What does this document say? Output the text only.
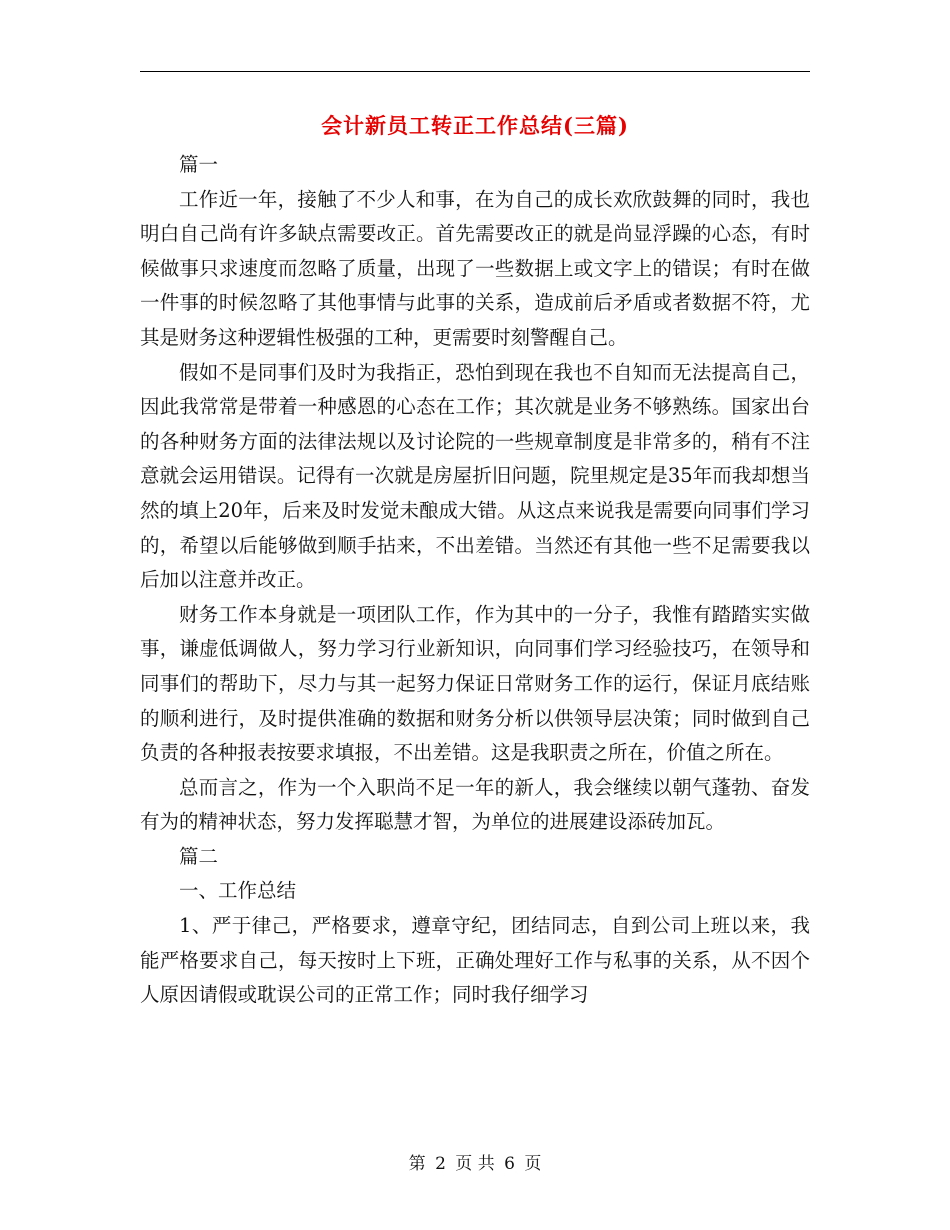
会计新员工转正工作总结(三篇)

篇一

工作近一年，接触了不少人和事，在为自己的成长欢欣鼓舞的同时，我也明白自己尚有许多缺点需要改正。首先需要改正的就是尚显浮躁的心态，有时候做事只求速度而忽略了质量，出现了一些数据上或文字上的错误；有时在做一件事的时候忽略了其他事情与此事的关系，造成前后矛盾或者数据不符，尤其是财务这种逻辑性极强的工种，更需要时刻警醒自己。

假如不是同事们及时为我指正，恐怕到现在我也不自知而无法提高自己，因此我常常是带着一种感恩的心态在工作；其次就是业务不够熟练。国家出台的各种财务方面的法律法规以及讨论院的一些规章制度是非常多的，稍有不注意就会运用错误。记得有一次就是房屋折旧问题，院里规定是35年而我却想当然的填上20年，后来及时发觉未酿成大错。从这点来说我是需要向同事们学习的，希望以后能够做到顺手拈来，不出差错。当然还有其他一些不足需要我以后加以注意并改正。

财务工作本身就是一项团队工作，作为其中的一分子，我惟有踏踏实实做事，谦虚低调做人，努力学习行业新知识，向同事们学习经验技巧，在领导和同事们的帮助下，尽力与其一起努力保证日常财务工作的运行，保证月底结账的顺利进行，及时提供准确的数据和财务分析以供领导层决策；同时做到自己负责的各种报表按要求填报，不出差错。这是我职责之所在，价值之所在。

总而言之，作为一个入职尚不足一年的新人，我会继续以朝气蓬勃、奋发有为的精神状态，努力发挥聪慧才智，为单位的进展建设添砖加瓦。

篇二

一、工作总结

1、严于律己，严格要求，遵章守纪，团结同志，自到公司上班以来，我能严格要求自己，每天按时上下班，正确处理好工作与私事的关系，从不因个人原因请假或耽误公司的正常工作；同时我仔细学习

第 2 页 共 6 页
